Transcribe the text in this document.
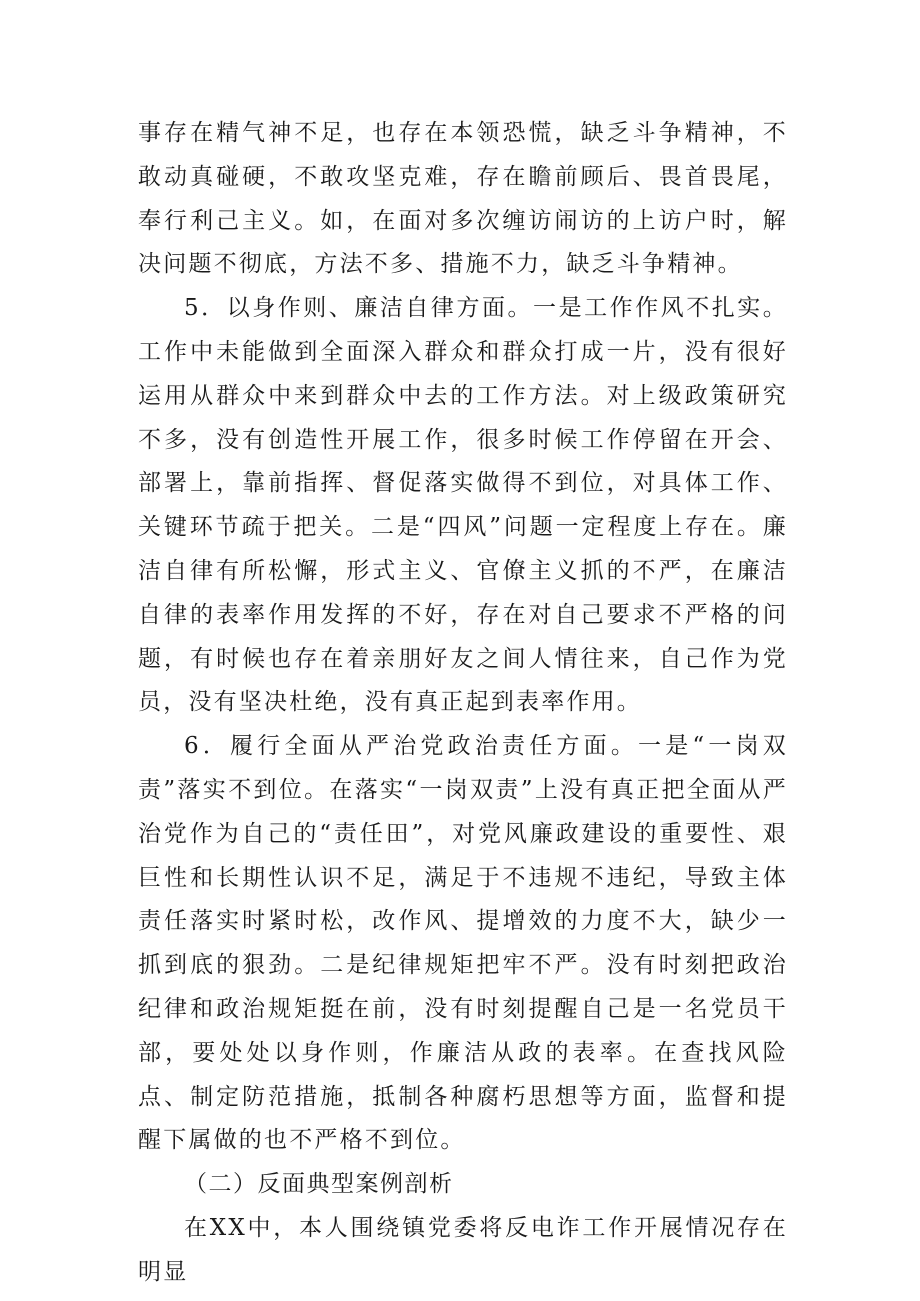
事存在精气神不足，也存在本领恐慌，缺乏斗争精神，不敢动真碰硬，不敢攻坚克难，存在瞻前顾后、畏首畏尾，奉行利己主义。如，在面对多次缠访闹访的上访户时，解决问题不彻底，方法不多、措施不力，缺乏斗争精神。

5．以身作则、廉洁自律方面。一是工作作风不扎实。工作中未能做到全面深入群众和群众打成一片，没有很好运用从群众中来到群众中去的工作方法。对上级政策研究不多，没有创造性开展工作，很多时候工作停留在开会、部署上，靠前指挥、督促落实做得不到位，对具体工作、关键环节疏于把关。二是“四风”问题一定程度上存在。廉洁自律有所松懈，形式主义、官僚主义抓的不严，在廉洁自律的表率作用发挥的不好，存在对自己要求不严格的问题，有时候也存在着亲朋好友之间人情往来，自己作为党员，没有坚决杜绝，没有真正起到表率作用。

6．履行全面从严治党政治责任方面。一是“一岗双责”落实不到位。在落实“一岗双责”上没有真正把全面从严治党作为自己的“责任田”，对党风廉政建设的重要性、艰巨性和长期性认识不足，满足于不违规不违纪，导致主体责任落实时紧时松，改作风、提增效的力度不大，缺少一抓到底的狠劲。二是纪律规矩把牢不严。没有时刻把政治纪律和政治规矩挺在前，没有时刻提醒自己是一名党员干部，要处处以身作则，作廉洁从政的表率。在查找风险点、制定防范措施，抵制各种腐朽思想等方面，监督和提醒下属做的也不严格不到位。

（二）反面典型案例剖析

在XX中，本人围绕镇党委将反电诈工作开展情况存在明显
